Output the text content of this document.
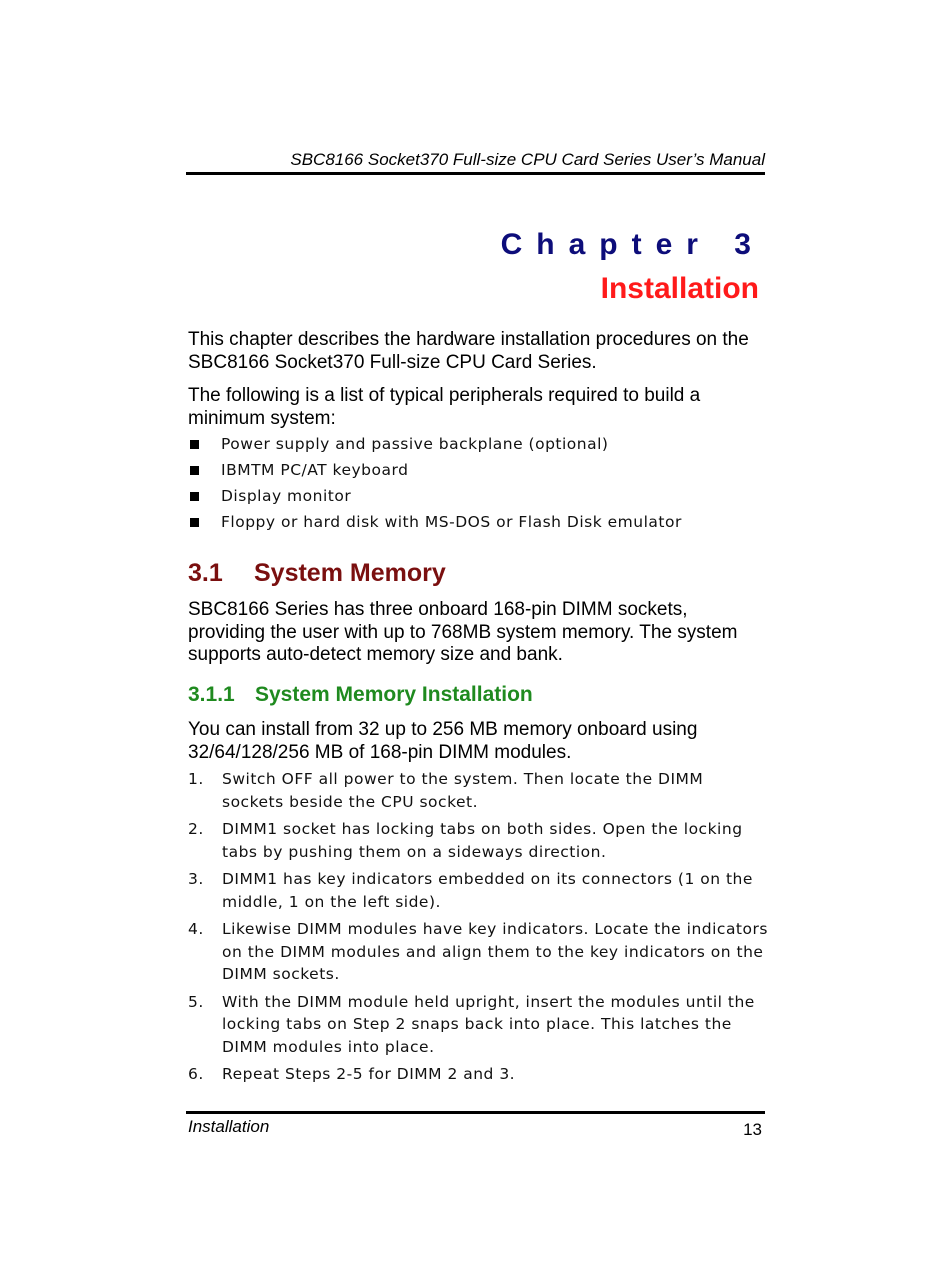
SBC8166 Socket370 Full-size CPU Card Series User’s Manual
Chapter 3
Installation

This chapter describes the hardware installation procedures on the SBC8166 Socket370 Full-size CPU Card Series.

The following is a list of typical peripherals required to build a minimum system:

Power supply and passive backplane (optional)
IBMTM PC/AT keyboard
Display monitor
Floppy or hard disk with MS-DOS or Flash Disk emulator
3.1 System Memory

SBC8166 Series has three onboard 168-pin DIMM sockets, providing the user with up to 768MB system memory. The system supports auto-detect memory size and bank.

3.1.1 System Memory Installation

You can install from 32 up to 256 MB memory onboard using 32/64/128/256 MB of 168-pin DIMM modules.

1. Switch OFF all power to the system. Then locate the DIMM sockets beside the CPU socket.
2. DIMM1 socket has locking tabs on both sides. Open the locking tabs by pushing them on a sideways direction.
3. DIMM1 has key indicators embedded on its connectors (1 on the middle, 1 on the left side).
4. Likewise DIMM modules have key indicators. Locate the indicators on the DIMM modules and align them to the key indicators on the DIMM sockets.
5. With the DIMM module held upright, insert the modules until the locking tabs on Step 2 snaps back into place. This latches the DIMM modules into place.
6. Repeat Steps 2-5 for DIMM 2 and 3.
Installation	13
